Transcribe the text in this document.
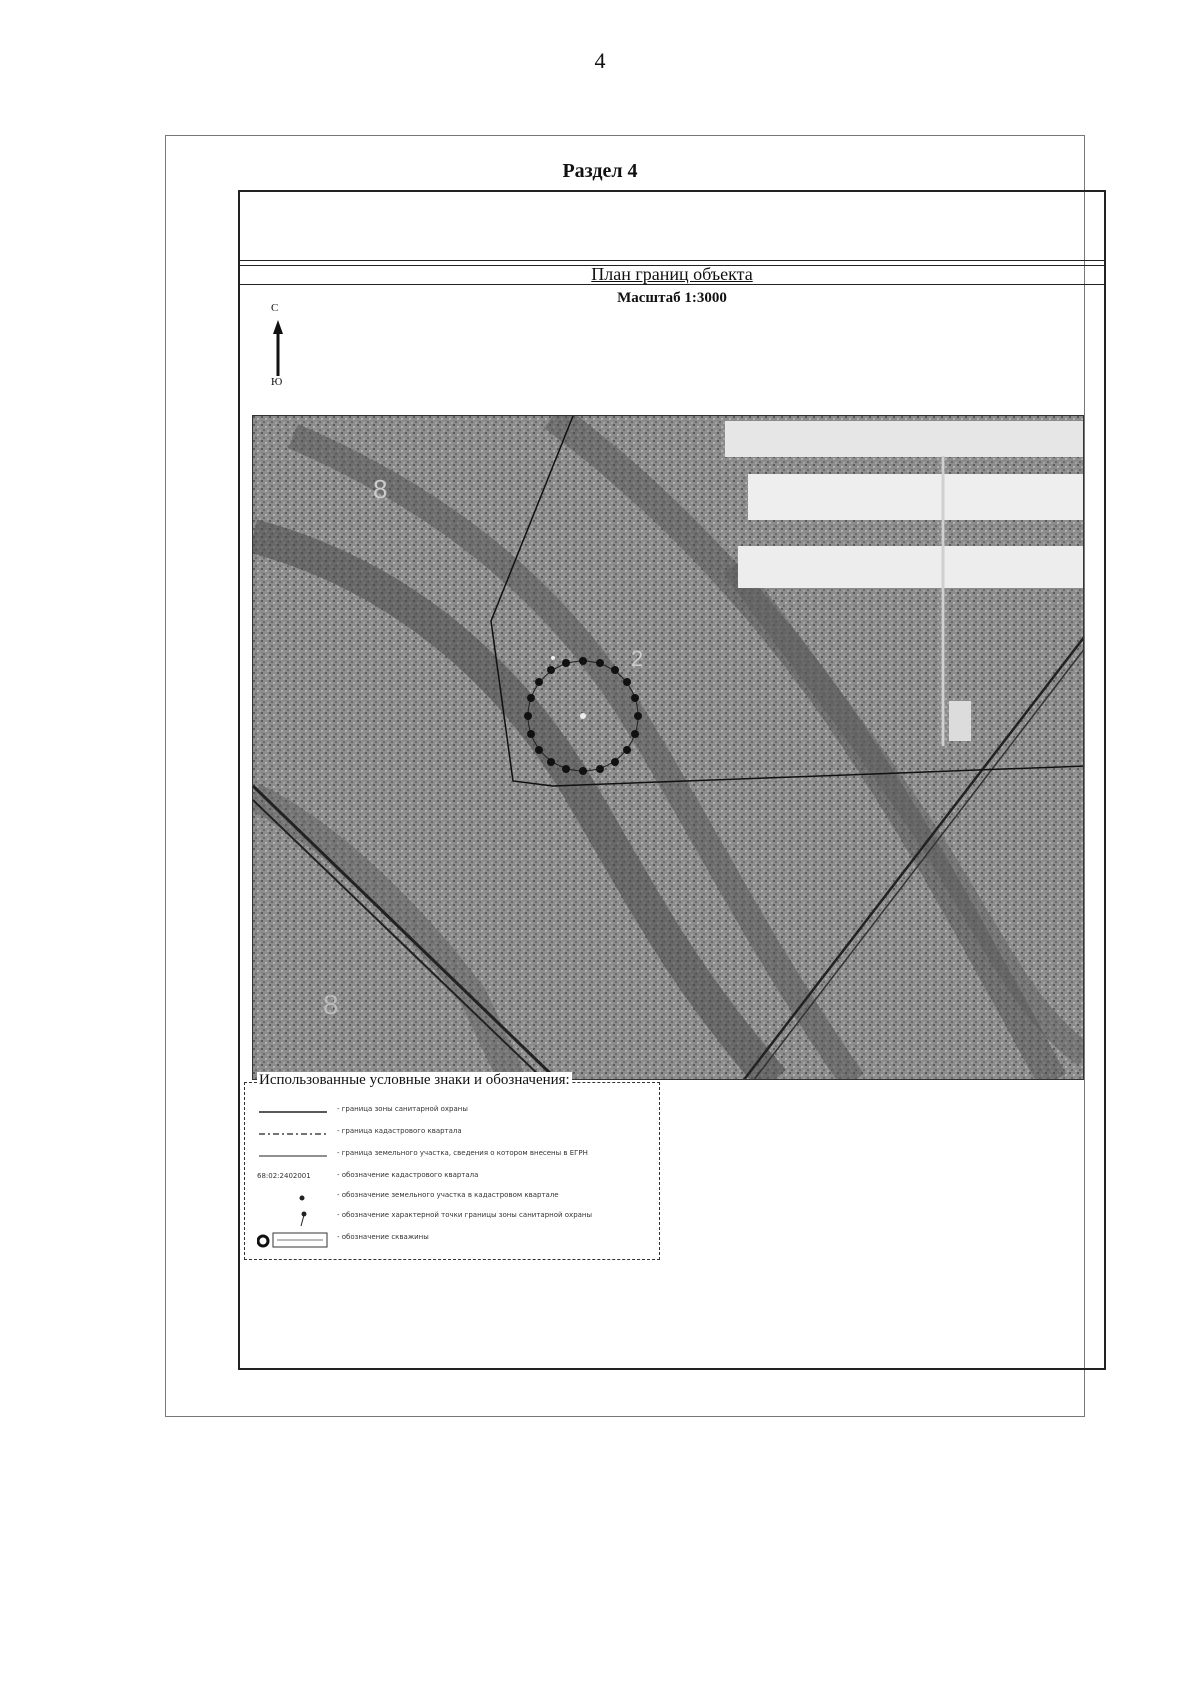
4
Раздел 4
План границ объекта
Масштаб 1:3000
С
Ю
8
2
8
Использованные условные знаки и обозначения:
- граница зоны санитарной охраны
- граница кадастрового квартала
- граница земельного участка, сведения о котором внесены в ЕГРН
68:02:2402001	- обозначение кадастрового квартала
- обозначение земельного участка в кадастровом квартале
- обозначение характерной точки границы зоны санитарной охраны
- обозначение скважины
